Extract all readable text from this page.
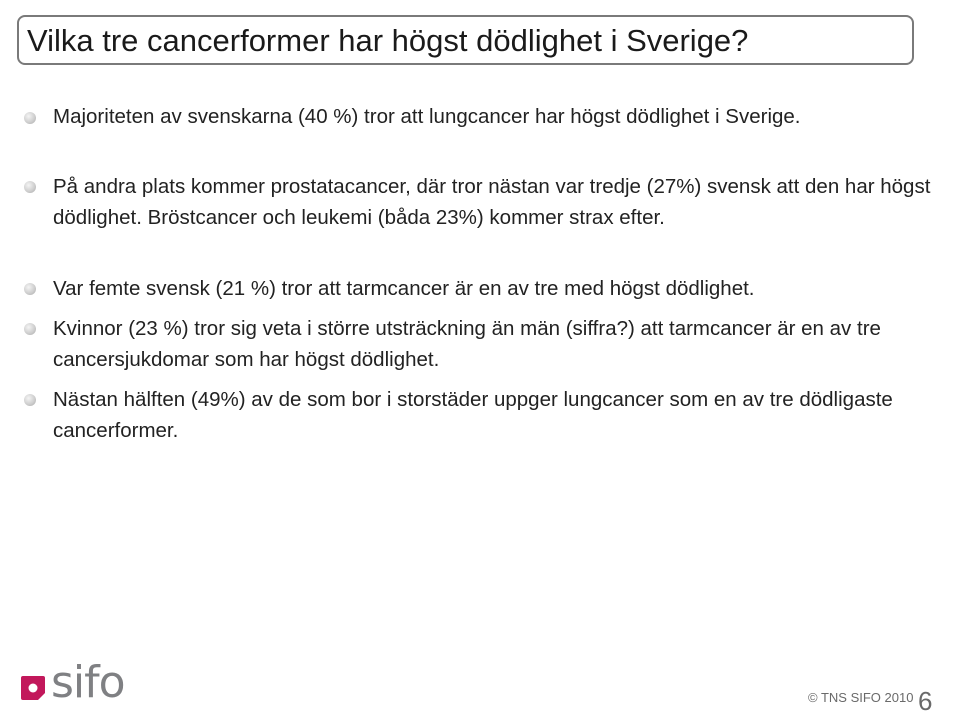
Vilka tre cancerformer har högst dödlighet i Sverige?
Majoriteten av svenskarna (40 %) tror att lungcancer har högst dödlighet i Sverige.
På andra plats kommer prostatacancer, där tror nästan var tredje (27%) svensk att den har högst dödlighet. Bröstcancer och leukemi (båda 23%) kommer strax efter.
Var femte svensk (21 %) tror att tarmcancer är en av tre med högst dödlighet.
Kvinnor (23 %) tror sig veta i större utsträckning än män (siffra?) att tarmcancer är en av tre cancersjukdomar som har högst dödlighet.
Nästan hälften (49%) av de som bor i storstäder uppger lungcancer som en av tre dödligaste cancerformer.
sifo	© TNS SIFO 2010 6
